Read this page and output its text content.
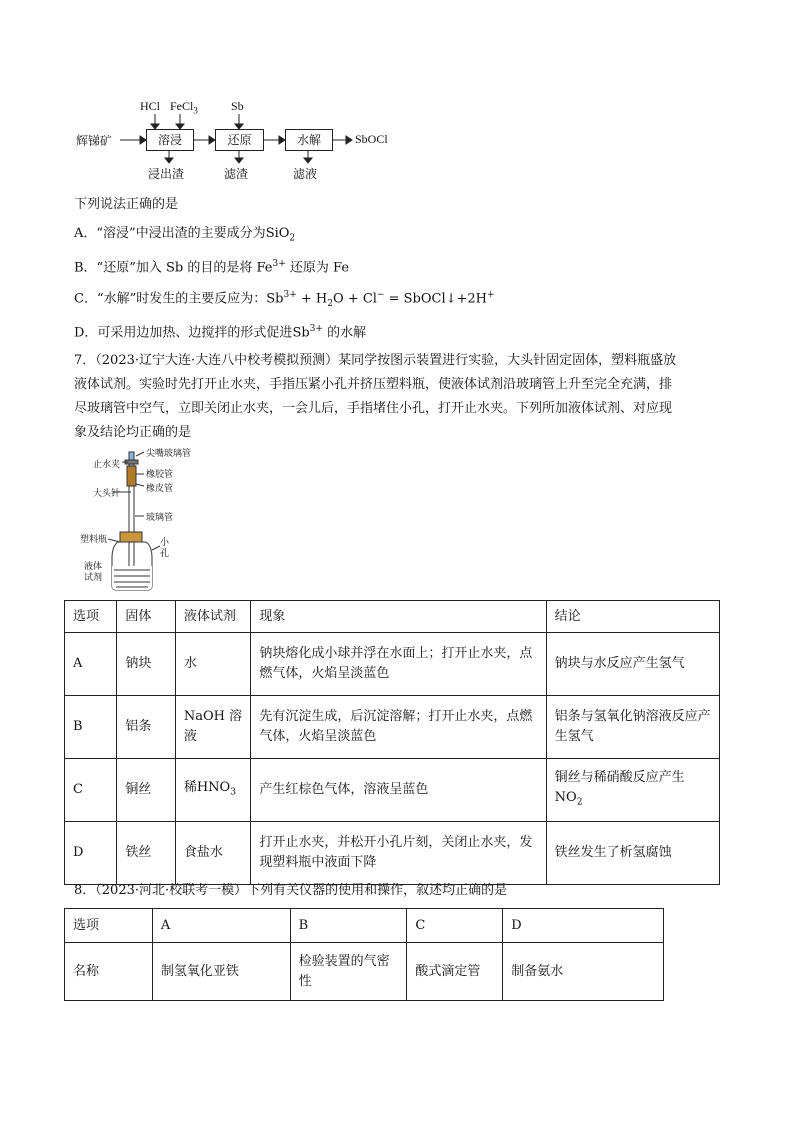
HCl FeCl$_3$	Sb
辉锑矿	溶浸	还原	水解	SbOCl
浸出渣	滤渣	滤液
下列说法正确的是
A．“溶浸”中浸出渣的主要成分为SiO$_2$
B．“还原”加入 Sb 的目的是将 $Fe^{3+}$ 还原为 Fe
C．“水解”时发生的主要反应为：$Sb^{3+} + H_2O + Cl^-$ = SbOCl↓+2H+
D．可采用边加热、边搅拌的形式促进$Sb^{3+}$ 的水解
7．（2023·辽宁大连·大连八中校考模拟预测）某同学按图示装置进行实验，大头针固定固体，塑料瓶盛放
液体试剂。实验时先打开止水夹，手指压紧小孔并挤压塑料瓶，使液体试剂沿玻璃管上升至完全充满，排
尽玻璃管中空气，立即关闭止水夹，一会儿后，手指堵住小孔，打开止水夹。下列所加液体试剂、对应现
象及结论均正确的是
尖嘴玻璃管
止水夹
橡胶管
橡皮管
大头针
玻璃管
塑料瓶	小孔
液体试剂
选项	固体	液体试剂	现象	结论
A	钠块	水	钠块熔化成小球并浮在水面上；打开止水夹，点燃气体，火焰呈淡蓝色	钠块与水反应产生氢气
B	铝条	NaOH 溶液	先有沉淀生成，后沉淀溶解；打开止水夹，点燃气体，火焰呈淡蓝色	铝条与氢氧化钠溶液反应产生氢气
C	铜丝	稀$HNO_3$	产生红棕色气体，溶液呈蓝色	铜丝与稀硝酸反应产生$NO_2$
D	铁丝	食盐水	打开止水夹，并松开小孔片刻，关闭止水夹，发现塑料瓶中液面下降	铁丝发生了析氢腐蚀
8．（2023·河北·校联考一模）下列有关仪器的使用和操作，叙述均正确的是
选项	A	B	C	D
名称	制氢氧化亚铁	检验装置的气密性	酸式滴定管	制备氨水
